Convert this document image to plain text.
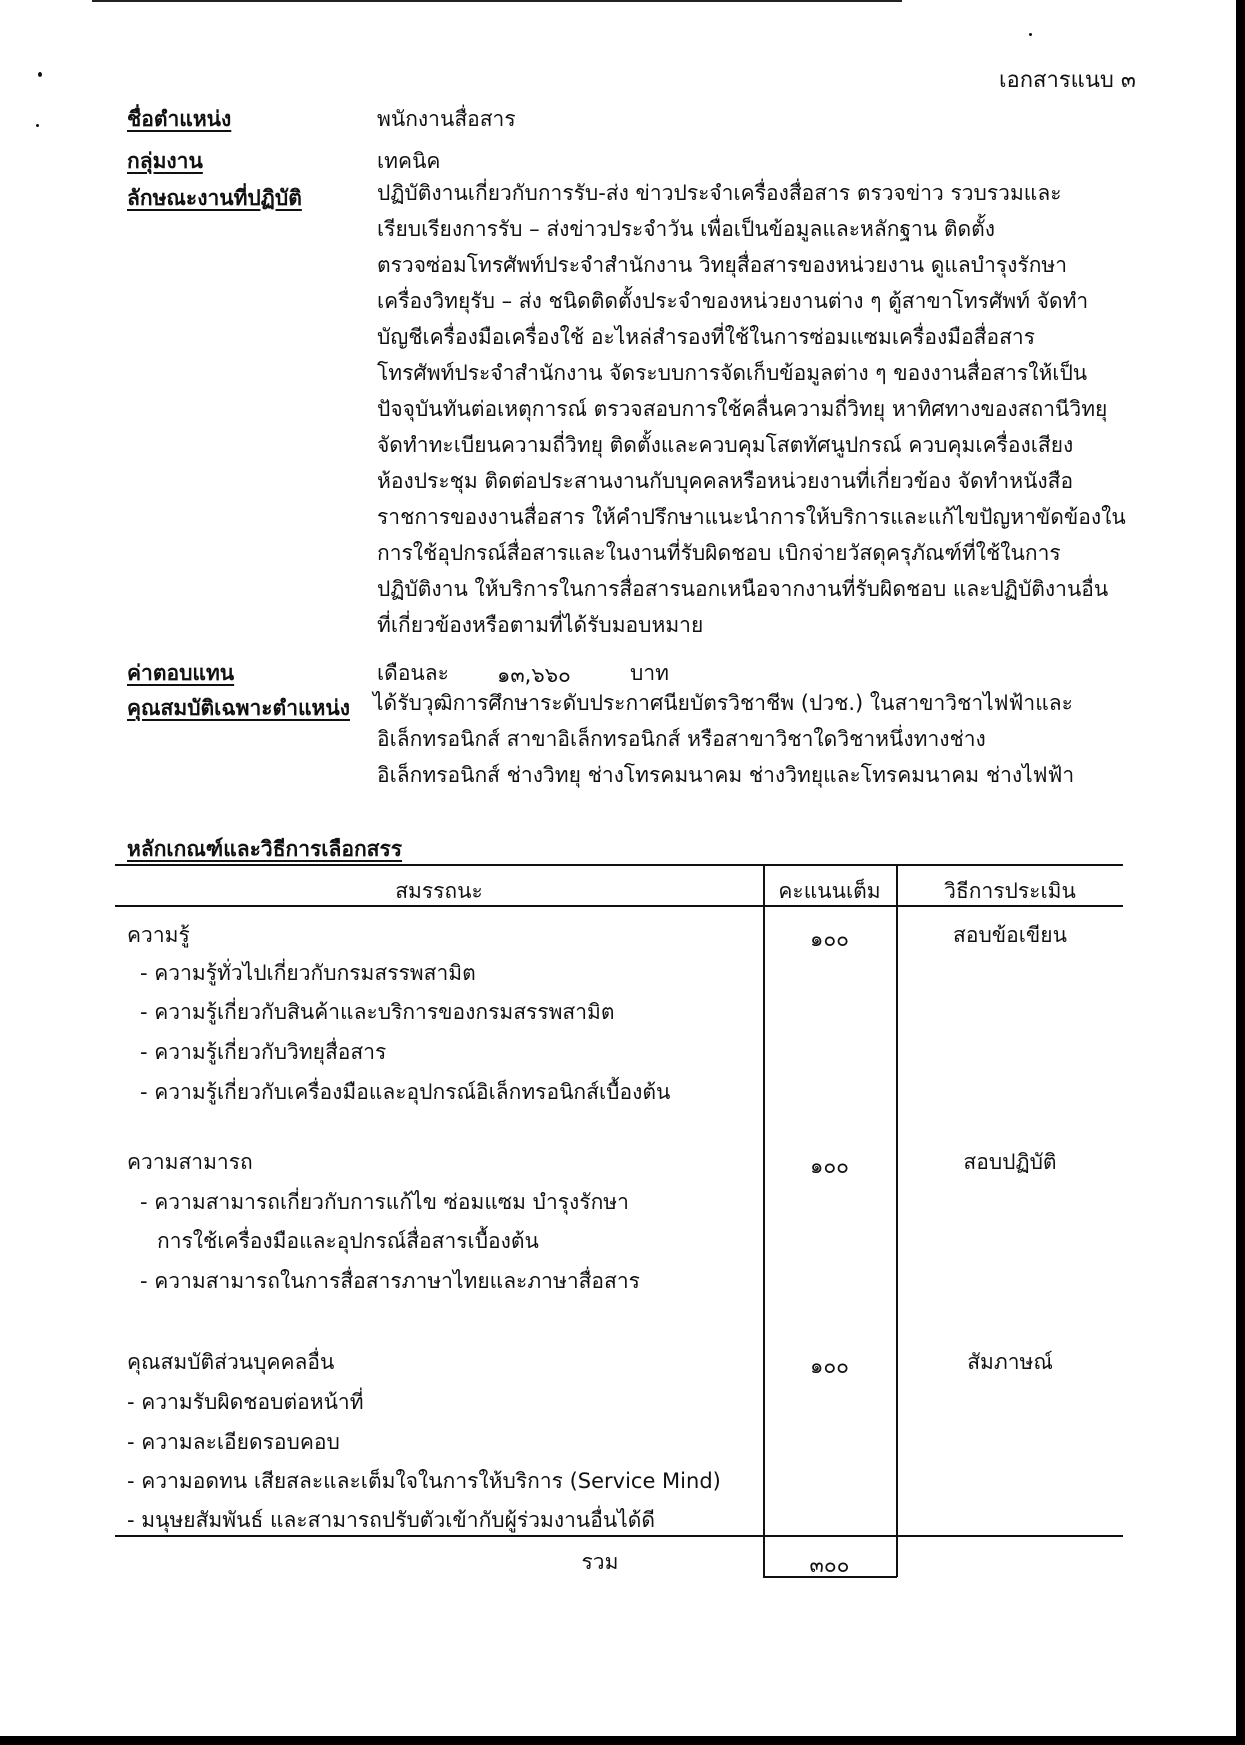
เอกสารแนบ ๓
ชื่อตำแหน่ง	พนักงานสื่อสาร
กลุ่มงาน	เทคนิค
ลักษณะงานที่ปฏิบัติ	ปฏิบัติงานเกี่ยวกับการรับ-ส่ง ข่าวประจำเครื่องสื่อสาร ตรวจข่าว รวบรวมและ
เรียบเรียงการรับ – ส่งข่าวประจำวัน เพื่อเป็นข้อมูลและหลักฐาน ติดตั้ง
ตรวจซ่อมโทรศัพท์ประจำสำนักงาน วิทยุสื่อสารของหน่วยงาน ดูแลบำรุงรักษา
เครื่องวิทยุรับ – ส่ง ชนิดติดตั้งประจำของหน่วยงานต่าง ๆ ตู้สาขาโทรศัพท์ จัดทำ
บัญชีเครื่องมือเครื่องใช้ อะไหล่สำรองที่ใช้ในการซ่อมแซมเครื่องมือสื่อสาร
โทรศัพท์ประจำสำนักงาน จัดระบบการจัดเก็บข้อมูลต่าง ๆ ของงานสื่อสารให้เป็น
ปัจจุบันทันต่อเหตุการณ์ ตรวจสอบการใช้คลื่นความถี่วิทยุ หาทิศทางของสถานีวิทยุ
จัดทำทะเบียนความถี่วิทยุ ติดตั้งและควบคุมโสตทัศนูปกรณ์ ควบคุมเครื่องเสียง
ห้องประชุม ติดต่อประสานงานกับบุคคลหรือหน่วยงานที่เกี่ยวข้อง จัดทำหนังสือ
ราชการของงานสื่อสาร ให้คำปรึกษาแนะนำการให้บริการและแก้ไขปัญหาขัดข้องใน
การใช้อุปกรณ์สื่อสารและในงานที่รับผิดชอบ เบิกจ่ายวัสดุครุภัณฑ์ที่ใช้ในการ
ปฏิบัติงาน ให้บริการในการสื่อสารนอกเหนือจากงานที่รับผิดชอบ และปฏิบัติงานอื่น
ที่เกี่ยวข้องหรือตามที่ได้รับมอบหมาย
ค่าตอบแทน	เดือนละ ๑๓,๖๖๐	บาท
คุณสมบัติเฉพาะตำแหน่ง ได้รับวุฒิการศึกษาระดับประกาศนียบัตรวิชาชีพ (ปวช.) ในสาขาวิชาไฟฟ้าและ
อิเล็กทรอนิกส์ สาขาอิเล็กทรอนิกส์ หรือสาขาวิชาใดวิชาหนึ่งทางช่าง
อิเล็กทรอนิกส์ ช่างวิทยุ ช่างโทรคมนาคม ช่างวิทยุและโทรคมนาคม ช่างไฟฟ้า
หลักเกณฑ์และวิธีการเลือกสรร
สมรรถนะ	คะแนนเต็ม	วิธีการประเมิน
ความรู้
- ความรู้ทั่วไปเกี่ยวกับกรมสรรพสามิต
- ความรู้เกี่ยวกับสินค้าและบริการของกรมสรรพสามิต
- ความรู้เกี่ยวกับวิทยุสื่อสาร
- ความรู้เกี่ยวกับเครื่องมือและอุปกรณ์อิเล็กทรอนิกส์เบื้องต้น
๑๐๐	สอบข้อเขียน
ความสามารถ
- ความสามารถเกี่ยวกับการแก้ไข ซ่อมแซม บำรุงรักษา
การใช้เครื่องมือและอุปกรณ์สื่อสารเบื้องต้น
- ความสามารถในการสื่อสารภาษาไทยและภาษาสื่อสาร
๑๐๐	สอบปฏิบัติ
คุณสมบัติส่วนบุคคลอื่น
- ความรับผิดชอบต่อหน้าที่
- ความละเอียดรอบคอบ
- ความอดทน เสียสละและเต็มใจในการให้บริการ (Service Mind)
- มนุษยสัมพันธ์ และสามารถปรับตัวเข้ากับผู้ร่วมงานอื่นได้ดี
๑๐๐	สัมภาษณ์
รวม	๓๐๐
